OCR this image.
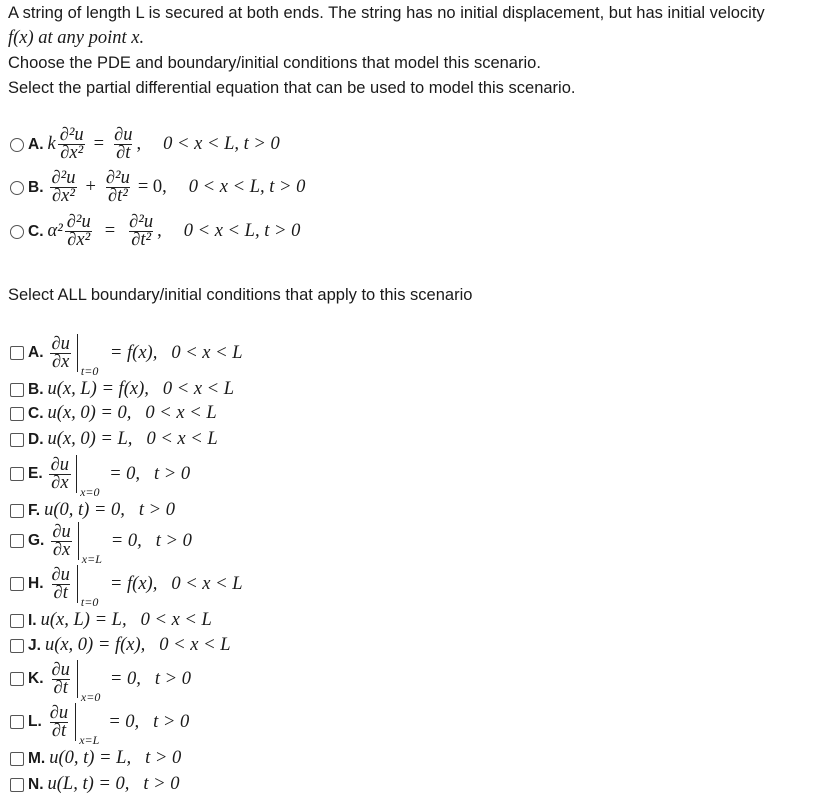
A string of length L is secured at both ends. The string has no initial displacement, but has initial velocity

f(x) at any point x.

Choose the PDE and boundary/initial conditions that model this scenario.

Select the partial differential equation that can be used to model this scenario.

A. k $\frac{\text{∂²u}}{\text{∂x²}} = \frac{\partial u}{\partial t}$ , 0 < x < L, t > 0
B. $\frac{\text{∂²u}}{\text{∂x²}} + \frac{\text{∂²u}}{\text{∂t²}} = 0$, 0 < x < L, t > 0
C. $\alpha^2 \frac{\text{∂²u}}{\text{∂x²}} = \frac{\text{∂²u}}{\text{∂t²}}$ , 0 < x < L, t > 0

Select ALL boundary/initial conditions that apply to this scenario

A. $\frac{\partial u}{\partial x}$
t=0
= f(x), 0 < x < L
B. u(x, L) = f(x), 0 < x < L
C. u(x, 0) = 0, 0 < x < L
D. u(x, 0) = L, 0 < x < L
E. $\frac{\partial u}{\partial x}$
x=0
= 0, t > 0
F. u(0, t) = 0, t > 0
G. $\frac{\partial u}{\partial x}$
x=L
= 0, t > 0
H. $\frac{\partial u}{\partial t}$
t=0
= f(x), 0 < x < L
I. u(x, L) = L, 0 < x < L
J. u(x, 0) = f(x), 0 < x < L
K. $\frac{\partial u}{\partial t}$
x=0
= 0, t > 0
L. $\frac{\partial u}{\partial t}$
x=L
= 0, t > 0
M. u(0, t) = L, t > 0
N. u(L, t) = 0, t > 0
